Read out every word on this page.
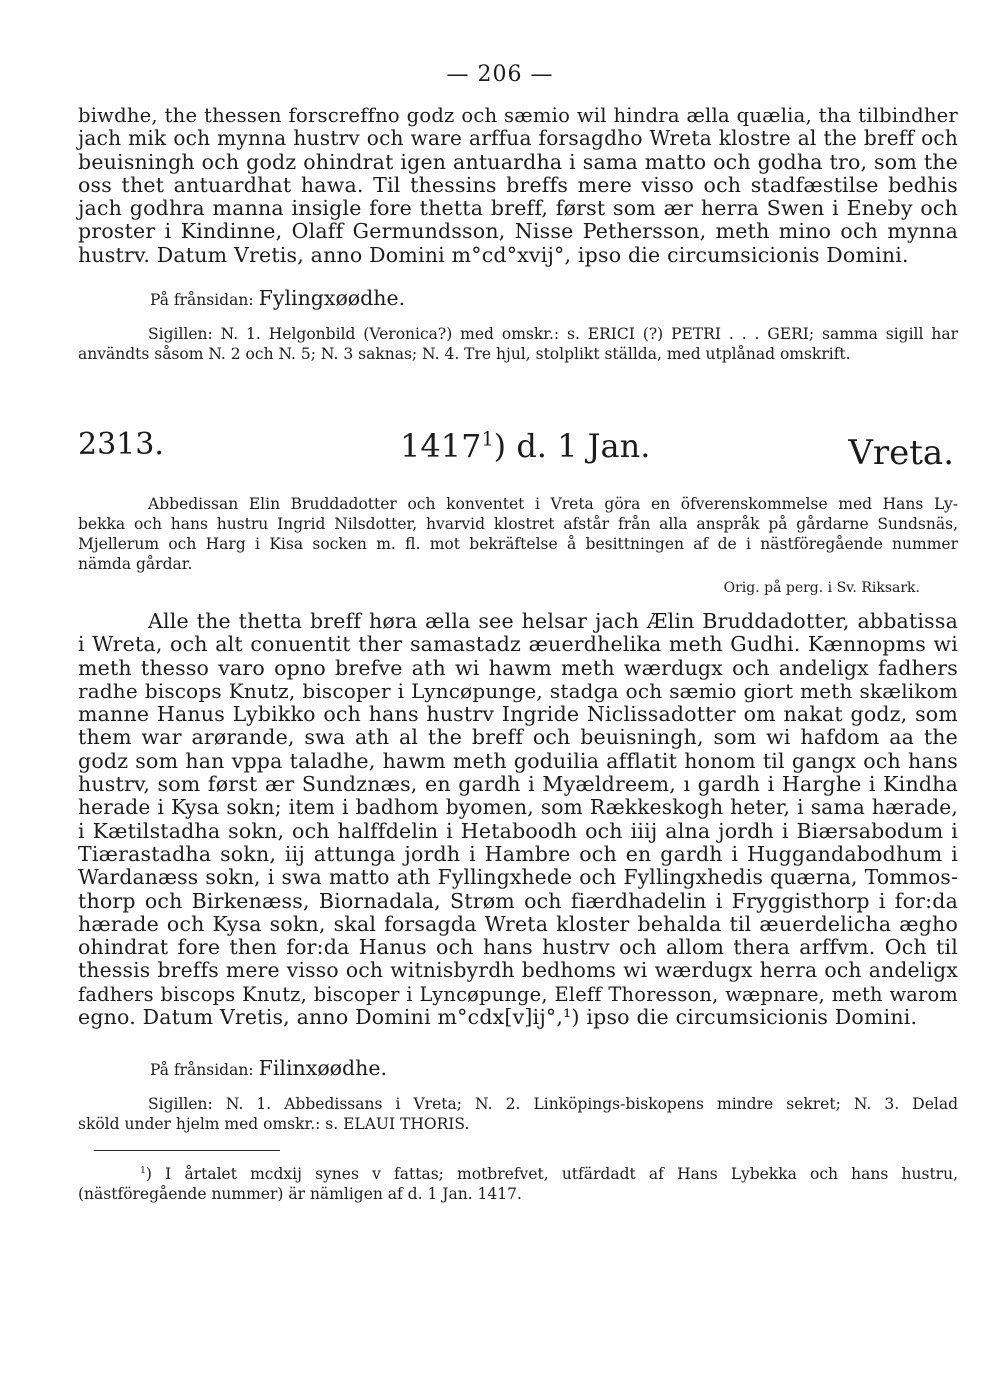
— 206 —
biwdhe, the thessen forscreffno godz och sæmio wil hindra ælla quælia, tha tilbindher
jach mik och mynna hustrv och ware arffua forsagdho Wreta klostre al the breff och
beuisningh och godz ohindrat igen antuardha i sama matto och godha tro, som the
oss thet antuardhat hawa. Til thessins breffs mere visso och stadfæstilse bedhis
jach godhra manna insigle fore thetta breff, først som ær herra Swen i Eneby och
proster i Kindinne, Olaff Germundsson, Nisse Pethersson, meth mino och mynna
hustrv. Datum Vretis, anno Domini m°cd°xvij°, ipso die circumsicionis Domini.
På frånsidan: Fylingxøødhe.
Sigillen: N. 1. Helgonbild (Veronica?) med omskr.: s. ERICI (?) PETRI . . . GERI; samma sigill har
användts såsom N. 2 och N. 5; N. 3 saknas; N. 4. Tre hjul, stolplikt ställda, med utplånad omskrift.
2313.	1417$^1$) d. 1 Jan.	Vreta.
Abbedissan Elin Bruddadotter och konventet i Vreta göra en öfverenskommelse med Hans Ly-
bekka och hans hustru Ingrid Nilsdotter, hvarvid klostret afstår från alla anspråk på gårdarne Sundsnäs,
Mjellerum och Harg i Kisa socken m. fl. mot bekräftelse å besittningen af de i nästföregående nummer
nämda gårdar.
Orig. på perg. i Sv. Riksark.
Alle the thetta breff høra ælla see helsar jach Ælin Bruddadotter, abbatissa
i Wreta, och alt conuentit ther samastadz æuerdhelika meth Gudhi. Kænnopms wi
meth thesso varo opno brefve ath wi hawm meth wærdugx och andeligx fadhers
radhe biscops Knutz, biscoper i Lyncøpunge, stadga och sæmio giort meth skælikom
manne Hanus Lybikko och hans hustrv Ingride Niclissadotter om nakat godz, som
them war arørande, swa ath al the breff och beuisningh, som wi hafdom aa the
godz som han vppa taladhe, hawm meth goduilia afflatit honom til gangx och hans
hustrv, som først ær Sundznæs, en gardh i Myældreem, ı gardh i Harghe i Kindha
herade i Kysa sokn; item i badhom byomen, som Rækkeskogh heter, i sama hærade,
i Kætilstadha sokn, och halffdelin i Hetaboodh och iiij alna jordh i Biærsabodum i
Tiærastadha sokn, iij attunga jordh i Hambre och en gardh i Huggandabodhum i
Wardanæss sokn, i swa matto ath Fyllingxhede och Fyllingxhedis quærna, Tommos-
thorp och Birkenæss, Biornadala, Strøm och fiærdhadelin i Fryggisthorp i for:da
hærade och Kysa sokn, skal forsagda Wreta kloster behalda til æuerdelicha ægho
ohindrat fore then for:da Hanus och hans hustrv och allom thera arffvm. Och til
thessis breffs mere visso och witnisbyrdh bedhoms wi wærdugx herra och andeligx
fadhers biscops Knutz, biscoper i Lyncøpunge, Eleff Thoresson, wæpnare, meth warom
egno. Datum Vretis, anno Domini m°cdx[v]ij°,¹) ipso die circumsicionis Domini.
På frånsidan: Filinxøødhe.
Sigillen: N. 1. Abbedissans i Vreta; N. 2. Linköpings-biskopens mindre sekret; N. 3. Delad
sköld under hjelm med omskr.: s. ELAUI THORIS.
$^1$) I årtalet mcdxij synes v fattas; motbrefvet, utfärdadt af Hans Lybekka och hans hustru,
(nästföregående nummer) är nämligen af d. 1 Jan. 1417.
